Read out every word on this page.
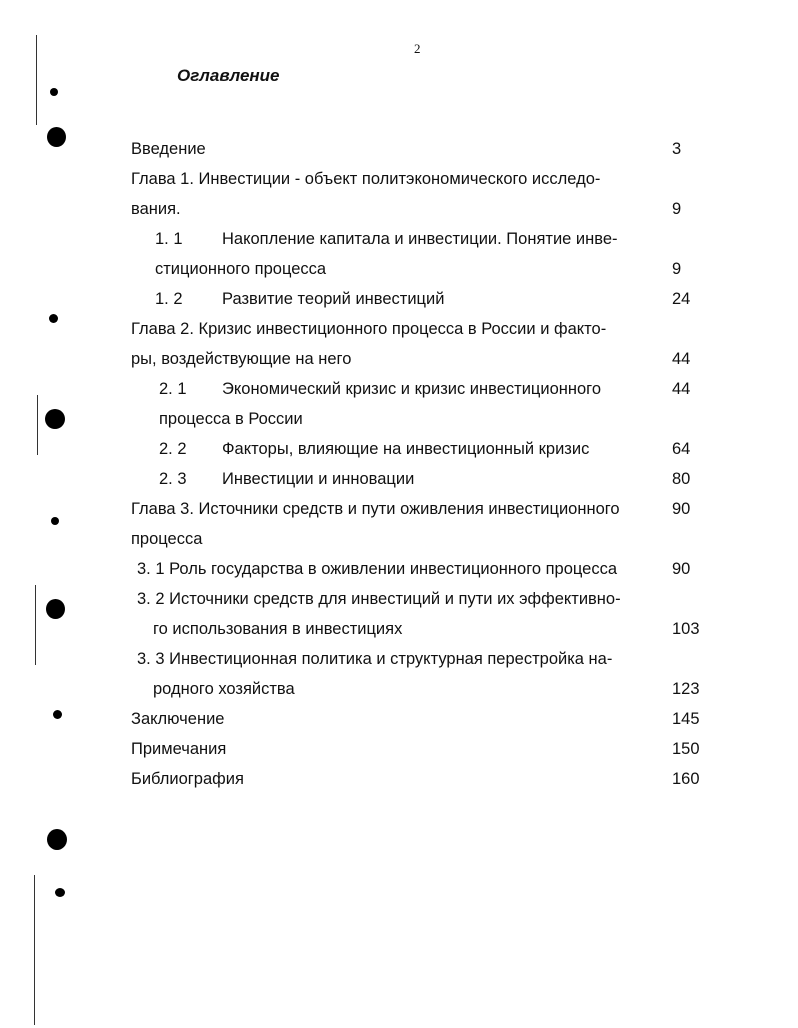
2
Оглавление
Введение	3
Глава 1. Инвестиции - объект политэкономического исследо-
вания.	9
1. 1 Накопление капитала и инвестиции. Понятие инве-
стиционного процесса	9
1. 2 Развитие теорий инвестиций	24
Глава 2. Кризис инвестиционного процесса в России и факто-
ры, воздействующие на него	44
2. 1 Экономический кризис и кризис инвестиционного	44
процесса в России
2. 2 Факторы, влияющие на инвестиционный кризис	64
2. 3 Инвестиции и инновации	80
Глава 3. Источники средств и пути оживления инвестиционного	90
процесса
3. 1 Роль государства в оживлении инвестиционного процесса	90
3. 2 Источники средств для инвестиций и пути их эффективно-
го использования в инвестициях	103
3. 3 Инвестиционная политика и структурная перестройка на-
родного хозяйства	123
Заключение	145
Примечания	150
Библиография	160
